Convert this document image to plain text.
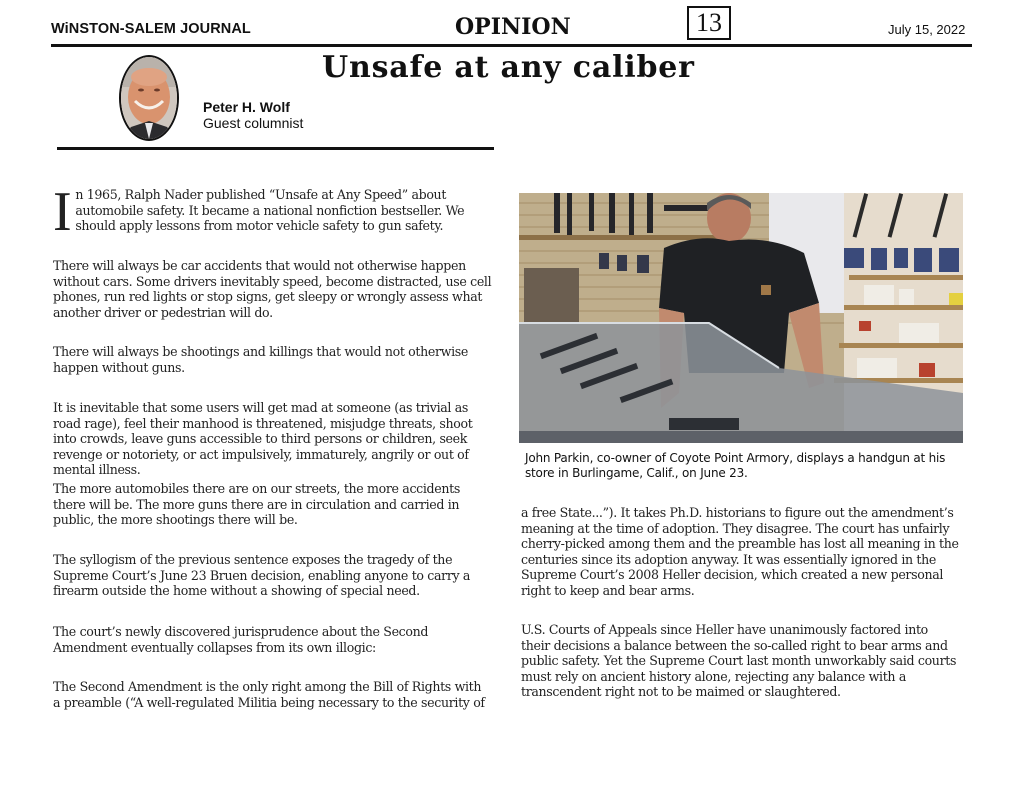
WiNSTON-SALEM JOURNAL	OPINION	13	July 15, 2022
Unsafe at any caliber
Peter H. Wolf
Guest columnist
I n 1965, Ralph Nader published “Unsafe at Any Speed” about

automobile safety. It became a national nonfiction bestseller. We

should apply lessons from motor vehicle safety to gun safety.

There will always be car accidents that would not otherwise happen

without cars. Some drivers inevitably speed, become distracted, use cell

phones, run red lights or stop signs, get sleepy or wrongly assess what

another driver or pedestrian will do.

There will always be shootings and killings that would not otherwise

happen without guns.

It is inevitable that some users will get mad at someone (as trivial as

road rage), feel their manhood is threatened, misjudge threats, shoot

into crowds, leave guns accessible to third persons or children, seek

revenge or notoriety, or act impulsively, immaturely, angrily or out of

mental illness.

The more automobiles there are on our streets, the more accidents

there will be. The more guns there are in circulation and carried in

public, the more shootings there will be.

The syllogism of the previous sentence exposes the tragedy of the

Supreme Court’s June 23 Bruen decision, enabling anyone to carry a

firearm outside the home without a showing of special need.

The court’s newly discovered jurisprudence about the Second

Amendment eventually collapses from its own illogic:

The Second Amendment is the only right among the Bill of Rights with

a preamble (“A well-regulated Militia being necessary to the security of

John Parkin, co-owner of Coyote Point Armory, displays a handgun at his
store in Burlingame, Calif., on June 23.

a free State...”). It takes Ph.D. historians to figure out the amendment’s

meaning at the time of adoption. They disagree. The court has unfairly

cherry-picked among them and the preamble has lost all meaning in the

centuries since its adoption anyway. It was essentially ignored in the

Supreme Court’s 2008 Heller decision, which created a new personal

right to keep and bear arms.

U.S. Courts of Appeals since Heller have unanimously factored into

their decisions a balance between the so-called right to bear arms and

public safety. Yet the Supreme Court last month unworkably said courts

must rely on ancient history alone, rejecting any balance with a

transcendent right not to be maimed or slaughtered.
